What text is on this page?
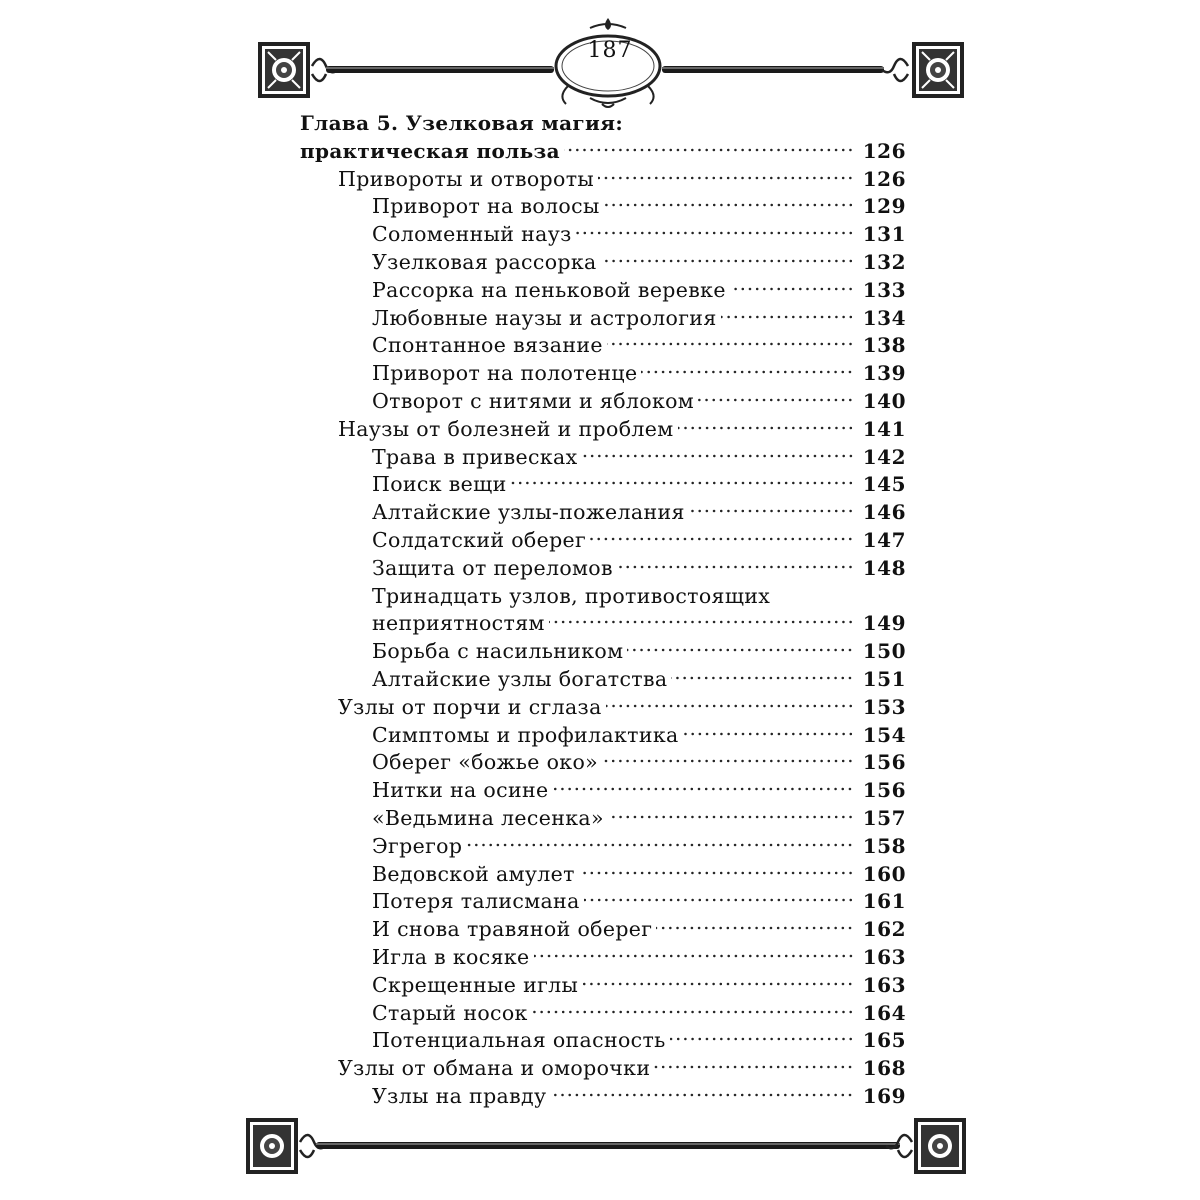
187
Глава 5. Узелковая магия:
практическая польза	126
Привороты и отвороты	126
Приворот на волосы	129
Соломенный науз	131
Узелковая рассорка	132
Рассорка на пеньковой веревке	133
Любовные наузы и астрология	134
Спонтанное вязание	138
Приворот на полотенце	139
Отворот с нитями и яблоком	140
Наузы от болезней и проблем	141
Трава в привесках	142
Поиск вещи	145
Алтайские узлы-пожелания	146
Солдатский оберег	147
Защита от переломов	148
Тринадцать узлов, противостоящих
неприятностям	149
Борьба с насильником	150
Алтайские узлы богатства	151
Узлы от порчи и сглаза	153
Симптомы и профилактика	154
Оберег «божье око»	156
Нитки на осине	156
«Ведьмина лесенка»	157
Эгрегор	158
Ведовской амулет	160
Потеря талисмана	161
И снова травяной оберег	162
Игла в косяке	163
Скрещенные иглы	163
Старый носок	164
Потенциальная опасность	165
Узлы от обмана и оморочки	168
Узлы на правду	169
